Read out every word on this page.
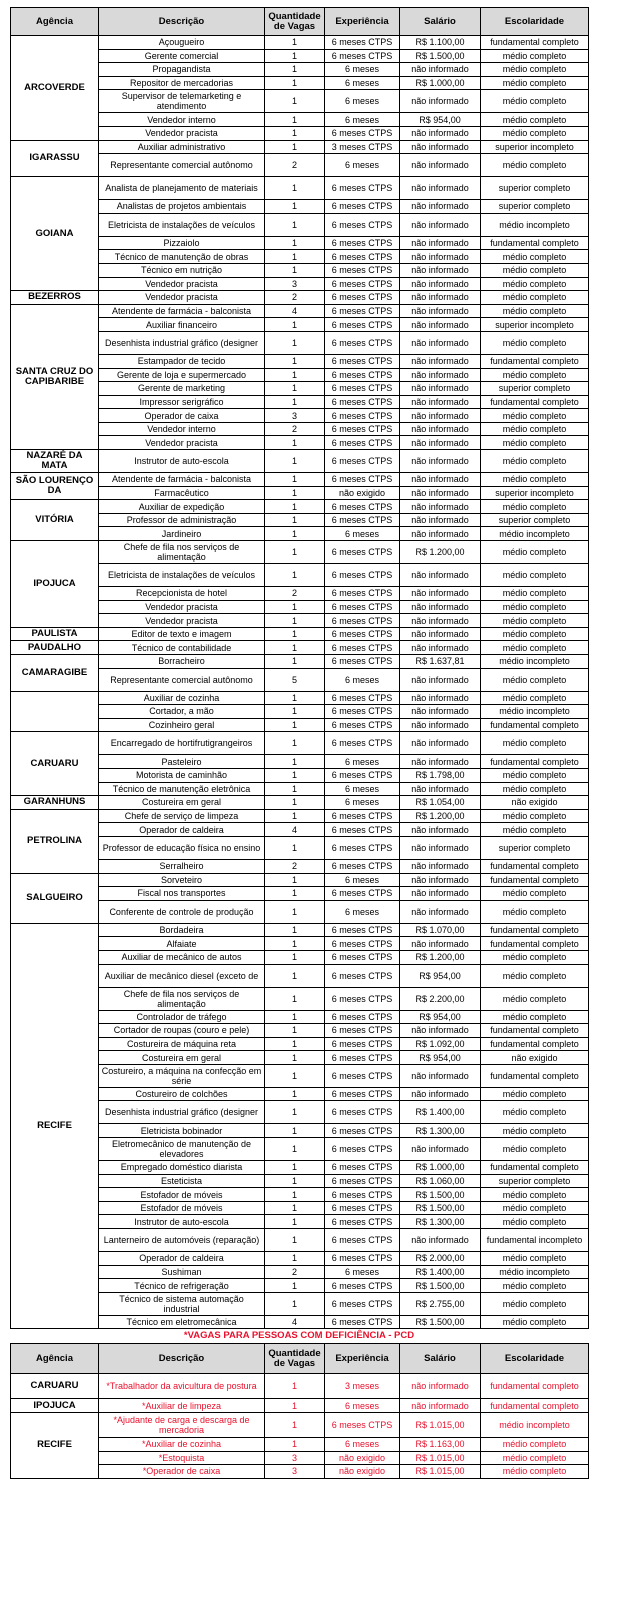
Agência	Descrição	Quantidade de Vagas	Experiência	Salário	Escolaridade
ARCOVERDE	Açougueiro	1	6 meses CTPS	R$ 1.100,00	fundamental completo
	Gerente comercial	1	6 meses CTPS	R$ 1.500,00	médio completo
	Propagandista	1	6 meses	não informado	médio completo
	Repositor de mercadorias	1	6 meses	R$ 1.000,00	médio completo
	Supervisor de telemarketing e atendimento	1	6 meses	não informado	médio completo
	Vendedor interno	1	6 meses	R$ 954,00	médio completo
	Vendedor pracista	1	6 meses CTPS	não informado	médio completo
IGARASSU	Auxiliar administrativo	1	3 meses CTPS	não informado	superior incompleto
	Representante comercial autônomo	2	6 meses	não informado	médio completo
GOIANA	Analista de planejamento de materiais	1	6 meses CTPS	não informado	superior completo
	Analistas de projetos ambientais	1	6 meses CTPS	não informado	superior completo
	Eletricista de instalações de veículos	1	6 meses CTPS	não informado	médio incompleto
	Pizzaiolo	1	6 meses CTPS	não informado	fundamental completo
	Técnico de manutenção de obras	1	6 meses CTPS	não informado	médio completo
	Técnico em nutrição	1	6 meses CTPS	não informado	médio completo
	Vendedor pracista	3	6 meses CTPS	não informado	médio completo
BEZERROS	Vendedor pracista	2	6 meses CTPS	não informado	médio completo
SANTA CRUZ DO CAPIBARIBE	Atendente de farmácia - balconista	4	6 meses CTPS	não informado	médio completo
	Auxiliar financeiro	1	6 meses CTPS	não informado	superior incompleto
	Desenhista industrial gráfico (designer	1	6 meses CTPS	não informado	médio completo
	Estampador de tecido	1	6 meses CTPS	não informado	fundamental completo
	Gerente de loja e supermercado	1	6 meses CTPS	não informado	médio completo
	Gerente de marketing	1	6 meses CTPS	não informado	superior completo
	Impressor serigráfico	1	6 meses CTPS	não informado	fundamental completo
	Operador de caixa	3	6 meses CTPS	não informado	médio completo
	Vendedor interno	2	6 meses CTPS	não informado	médio completo
	Vendedor pracista	1	6 meses CTPS	não informado	médio completo
NAZARÉ DA MATA	Instrutor de auto-escola	1	6 meses CTPS	não informado	médio completo
SÃO LOURENÇO DA	Atendente de farmácia - balconista	1	6 meses CTPS	não informado	médio completo
	Farmacêutico	1	não exigido	não informado	superior incompleto
VITÓRIA	Auxiliar de expedição	1	6 meses CTPS	não informado	médio completo
	Professor de administração	1	6 meses CTPS	não informado	superior completo
	Jardineiro	1	6 meses	não informado	médio incompleto
IPOJUCA	Chefe de fila nos serviços de alimentação	1	6 meses CTPS	R$ 1.200,00	médio completo
	Eletricista de instalações de veículos	1	6 meses CTPS	não informado	médio completo
	Recepcionista de hotel	2	6 meses CTPS	não informado	médio completo
	Vendedor pracista	1	6 meses CTPS	não informado	médio completo
	Vendedor pracista	1	6 meses CTPS	não informado	médio completo
PAULISTA	Editor de texto e imagem	1	6 meses CTPS	não informado	médio completo
PAUDALHO	Técnico de contabilidade	1	6 meses CTPS	não informado	médio completo
CAMARAGIBE	Borracheiro	1	6 meses CTPS	R$ 1.637,81	médio incompleto
	Representante comercial autônomo	5	6 meses	não informado	médio completo
	Auxiliar de cozinha	1	6 meses CTPS	não informado	médio completo
	Cortador, a mão	1	6 meses CTPS	não informado	médio incompleto
	Cozinheiro geral	1	6 meses CTPS	não informado	fundamental completo
CARUARU	Encarregado de hortifrutigrangeiros	1	6 meses CTPS	não informado	médio completo
	Pasteleiro	1	6 meses	não informado	fundamental completo
	Motorista de caminhão	1	6 meses CTPS	R$ 1.798,00	médio completo
	Técnico de manutenção eletrônica	1	6 meses	não informado	médio completo
GARANHUNS	Costureira em geral	1	6 meses	R$ 1.054,00	não exigido
PETROLINA	Chefe de serviço de limpeza	1	6 meses CTPS	R$ 1.200,00	médio completo
	Operador de caldeira	4	6 meses CTPS	não informado	médio completo
	Professor de educação física no ensino	1	6 meses CTPS	não informado	superior completo
	Serralheiro	2	6 meses CTPS	não informado	fundamental completo
SALGUEIRO	Sorveteiro	1	6 meses	não informado	fundamental completo
	Fiscal nos transportes	1	6 meses CTPS	não informado	médio completo
	Conferente de controle de produção	1	6 meses	não informado	médio completo
RECIFE	Bordadeira	1	6 meses CTPS	R$ 1.070,00	fundamental completo
	Alfaiate	1	6 meses CTPS	não informado	fundamental completo
	Auxiliar de mecânico de autos	1	6 meses CTPS	R$ 1.200,00	médio completo
	Auxiliar de mecânico diesel (exceto de	1	6 meses CTPS	R$ 954,00	médio completo
	Chefe de fila nos serviços de alimentação	1	6 meses CTPS	R$ 2.200,00	médio completo
	Controlador de tráfego	1	6 meses CTPS	R$ 954,00	médio completo
	Cortador de roupas (couro e pele)	1	6 meses CTPS	não informado	fundamental completo
	Costureira de máquina reta	1	6 meses CTPS	R$ 1.092,00	fundamental completo
	Costureira em geral	1	6 meses CTPS	R$ 954,00	não exigido
	Costureiro, a máquina na confecção em série	1	6 meses CTPS	não informado	fundamental completo
	Costureiro de colchões	1	6 meses CTPS	não informado	médio completo
	Desenhista industrial gráfico (designer	1	6 meses CTPS	R$ 1.400,00	médio completo
	Eletricista bobinador	1	6 meses CTPS	R$ 1.300,00	médio completo
	Eletromecânico de manutenção de elevadores	1	6 meses CTPS	não informado	médio completo
	Empregado doméstico diarista	1	6 meses CTPS	R$ 1.000,00	fundamental completo
	Esteticista	1	6 meses CTPS	R$ 1.060,00	superior completo
	Estofador de móveis	1	6 meses CTPS	R$ 1.500,00	médio completo
	Estofador de móveis	1	6 meses CTPS	R$ 1.500,00	médio completo
	Instrutor de auto-escola	1	6 meses CTPS	R$ 1.300,00	médio completo
	Lanterneiro de automóveis (reparação)	1	6 meses CTPS	não informado	fundamental incompleto
	Operador de caldeira	1	6 meses CTPS	R$ 2.000,00	médio completo
	Sushiman	2	6 meses	R$ 1.400,00	médio incompleto
	Técnico de refrigeração	1	6 meses CTPS	R$ 1.500,00	médio completo
	Técnico de sistema automação industrial	1	6 meses CTPS	R$ 2.755,00	médio completo
	Técnico em eletromecânica	4	6 meses CTPS	R$ 1.500,00	médio completo
*VAGAS PARA PESSOAS COM DEFICIÊNCIA - PCD
Agência	Descrição	Quantidade de Vagas	Experiência	Salário	Escolaridade
CARUARU	*Trabalhador da avicultura de postura	1	3 meses	não informado	fundamental completo
IPOJUCA	*Auxiliar de limpeza	1	6 meses	não informado	fundamental completo
RECIFE	*Ajudante de carga e descarga de mercadoria	1	6 meses CTPS	R$ 1.015,00	médio incompleto
	*Auxiliar de cozinha	1	6 meses	R$ 1.163,00	médio completo
	*Estoquista	3	não exigido	R$ 1.015,00	médio completo
	*Operador de caixa	3	não exigido	R$ 1.015,00	médio completo
